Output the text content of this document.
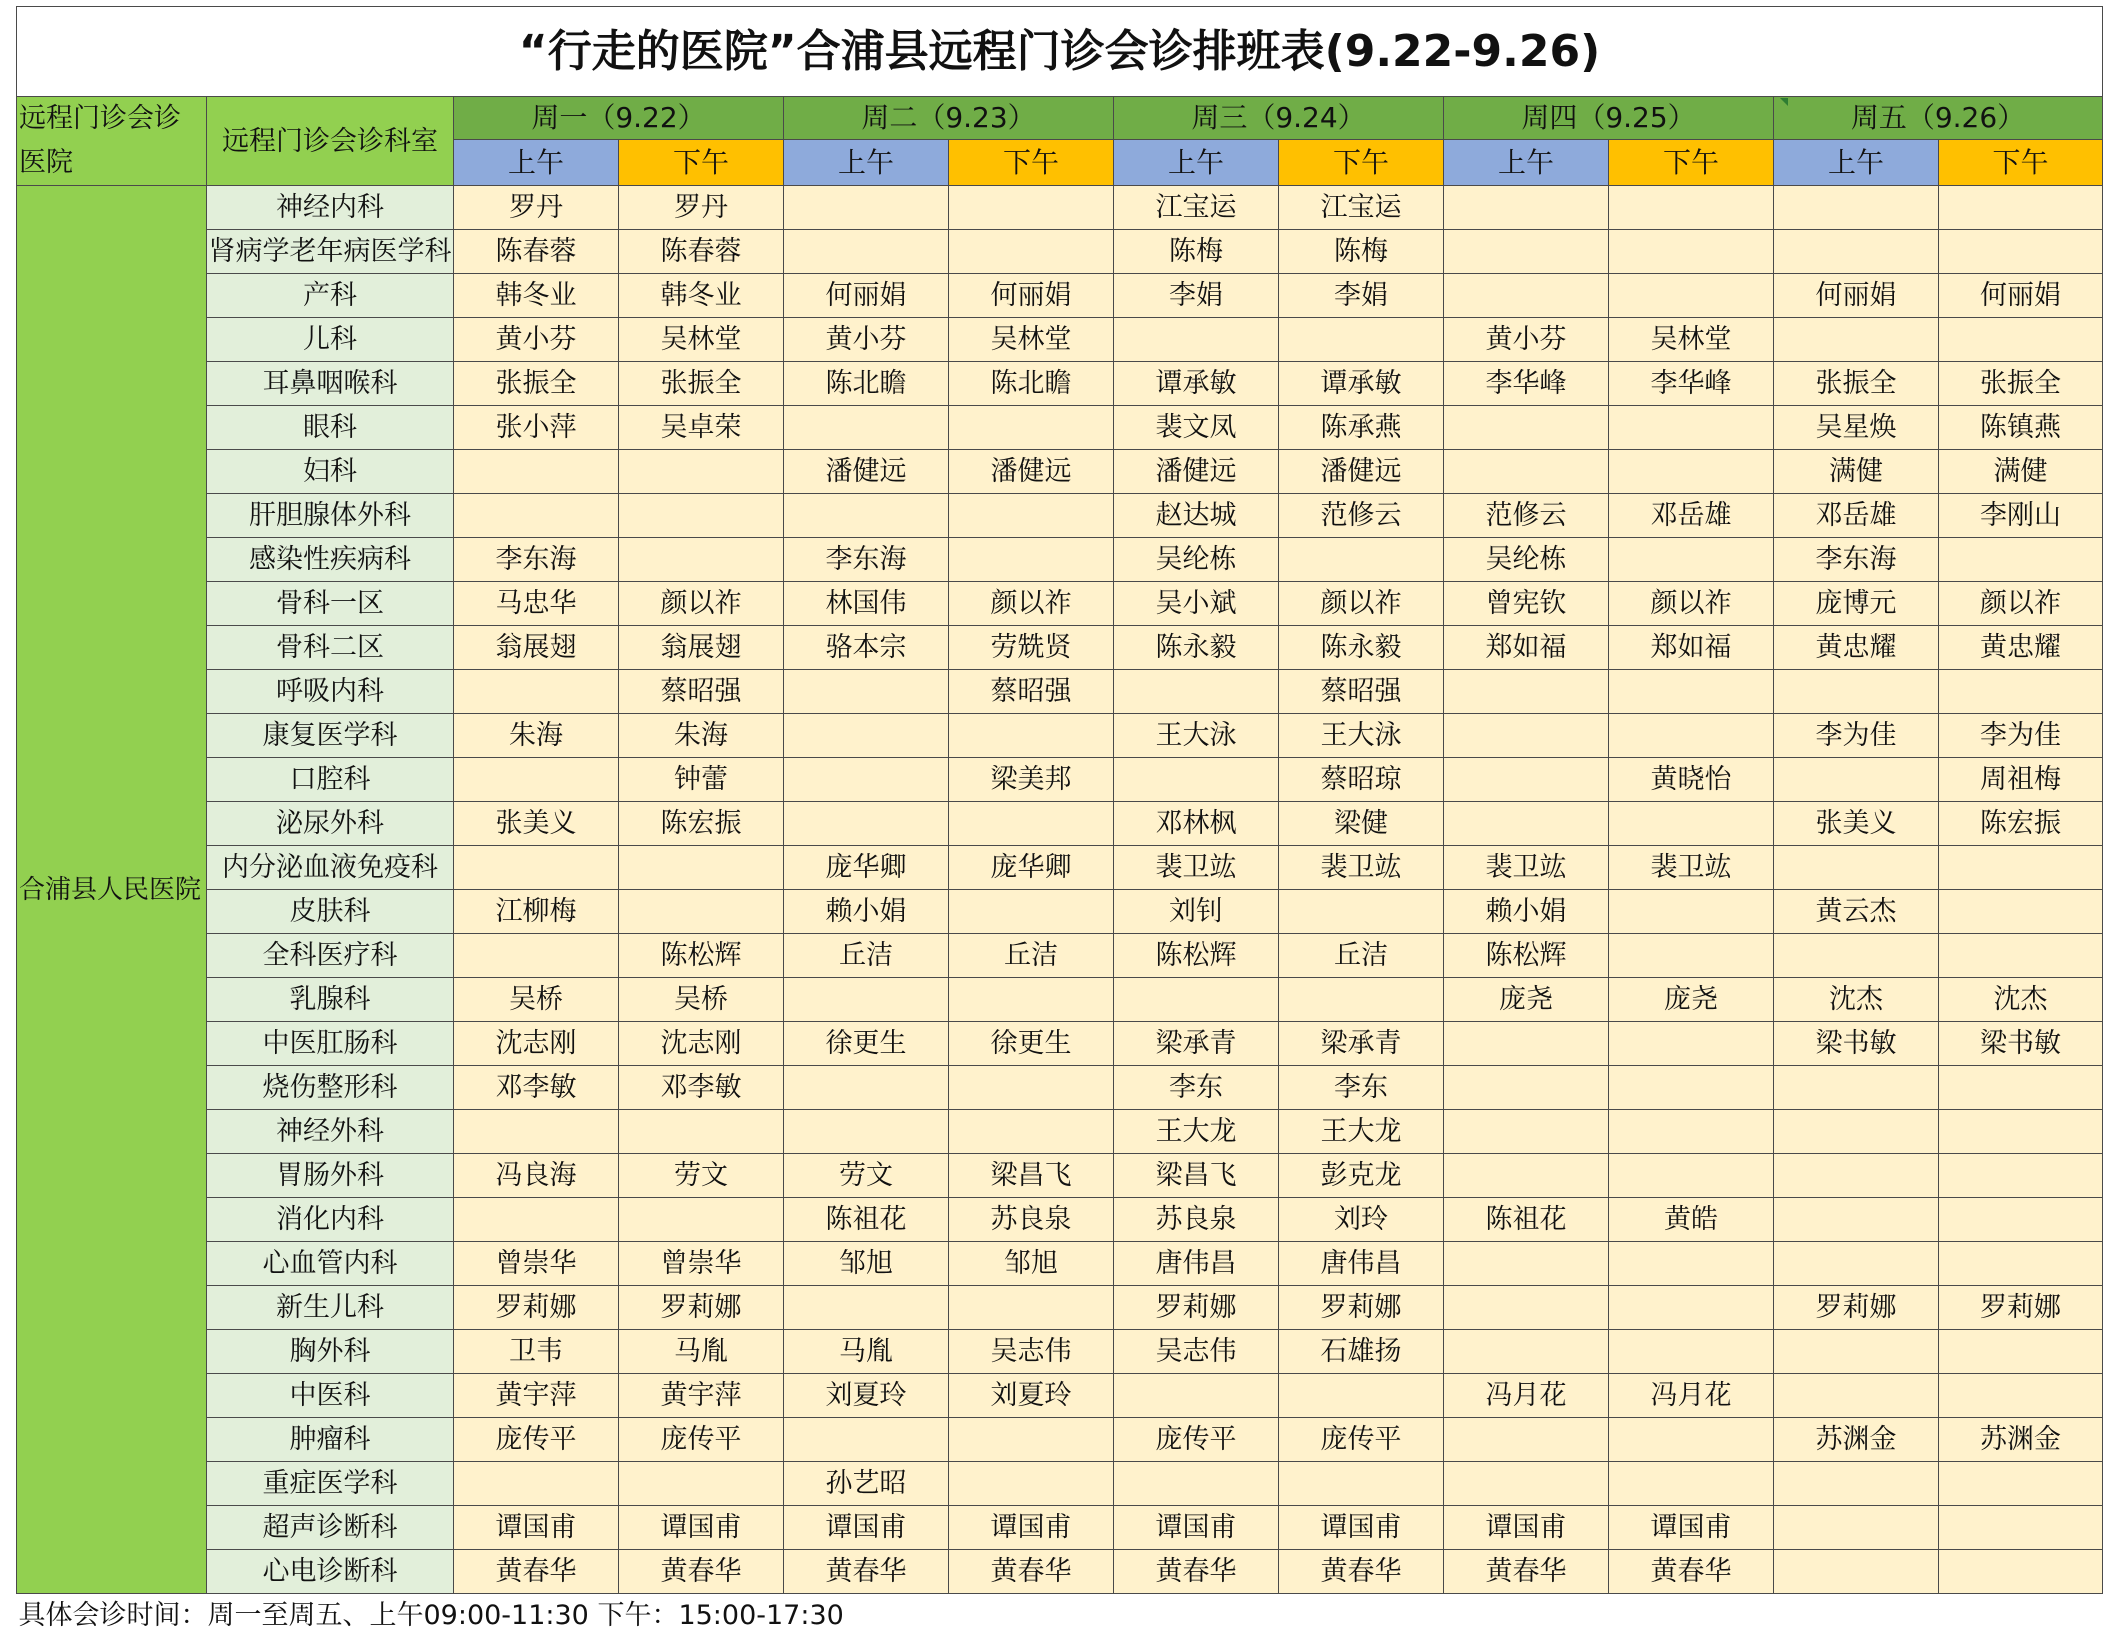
“行走的医院”合浦县远程门诊会诊排班表(9.22-9.26)											
远程门诊会诊医院	远程门诊会诊科室	周一（9.22）		周二（9.23）		周三（9.24）		周四（9.25）		周五（9.26）	
		上午	下午	上午	下午	上午	下午	上午	下午	上午	下午
合浦县人民医院	神经内科	罗丹	罗丹			江宝运	江宝运				
	肾病学老年病医学科	陈春蓉	陈春蓉			陈梅	陈梅				
	产科	韩冬业	韩冬业	何丽娟	何丽娟	李娟	李娟			何丽娟	何丽娟
	儿科	黄小芬	吴林堂	黄小芬	吴林堂			黄小芬	吴林堂		
	耳鼻咽喉科	张振全	张振全	陈北瞻	陈北瞻	谭承敏	谭承敏	李华峰	李华峰	张振全	张振全
	眼科	张小萍	吴卓荣			裴文凤	陈承燕			吴星焕	陈镇燕
	妇科			潘健远	潘健远	潘健远	潘健远			满健	满健
	肝胆腺体外科					赵达城	范修云	范修云	邓岳雄	邓岳雄	李刚山
	感染性疾病科	李东海		李东海		吴纶栋		吴纶栋		李东海	
	骨科一区	马忠华	颜以祚	林国伟	颜以祚	吴小斌	颜以祚	曾宪钦	颜以祚	庞博元	颜以祚
	骨科二区	翁展翅	翁展翅	骆本宗	劳兟贤	陈永毅	陈永毅	郑如福	郑如福	黄忠耀	黄忠耀
	呼吸内科		蔡昭强		蔡昭强		蔡昭强				
	康复医学科	朱海	朱海			王大泳	王大泳			李为佳	李为佳
	口腔科		钟蕾		梁美邦		蔡昭琼		黄晓怡		周祖梅
	泌尿外科	张美义	陈宏振			邓林枫	梁健			张美义	陈宏振
	内分泌血液免疫科			庞华卿	庞华卿	裴卫竑	裴卫竑	裴卫竑	裴卫竑		
	皮肤科	江柳梅		赖小娟		刘钊		赖小娟		黄云杰	
	全科医疗科		陈松辉	丘洁	丘洁	陈松辉	丘洁	陈松辉			
	乳腺科	吴桥	吴桥					庞尧	庞尧	沈杰	沈杰
	中医肛肠科	沈志刚	沈志刚	徐更生	徐更生	梁承青	梁承青			梁书敏	梁书敏
	烧伤整形科	邓李敏	邓李敏			李东	李东				
	神经外科					王大龙	王大龙				
	胃肠外科	冯良海	劳文	劳文	梁昌飞	梁昌飞	彭克龙				
	消化内科			陈祖花	苏良泉	苏良泉	刘玲	陈祖花	黄皓		
	心血管内科	曾崇华	曾崇华	邹旭	邹旭	唐伟昌	唐伟昌				
	新生儿科	罗莉娜	罗莉娜			罗莉娜	罗莉娜			罗莉娜	罗莉娜
	胸外科	卫韦	马胤	马胤	吴志伟	吴志伟	石雄扬				
	中医科	黄宇萍	黄宇萍	刘夏玲	刘夏玲			冯月花	冯月花		
	肿瘤科	庞传平	庞传平			庞传平	庞传平			苏渊金	苏渊金
	重症医学科			孙艺昭							
	超声诊断科	谭国甫	谭国甫	谭国甫	谭国甫	谭国甫	谭国甫	谭国甫	谭国甫		
	心电诊断科	黄春华	黄春华	黄春华	黄春华	黄春华	黄春华	黄春华	黄春华		
具体会诊时间：周一至周五、上午09:00-11:30 下午：15:00-17:30											
